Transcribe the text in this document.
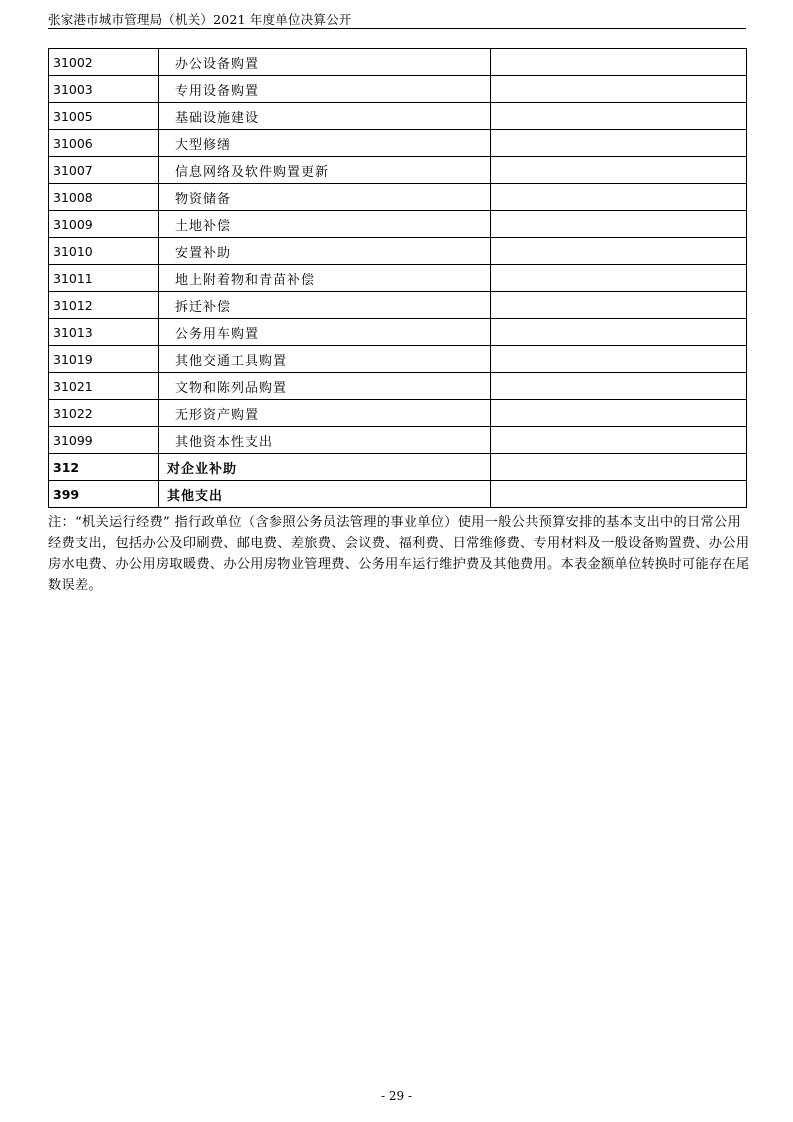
张家港市城市管理局（机关）2021 年度单位决算公开
31002	办公设备购置	
31003	专用设备购置	
31005	基础设施建设	
31006	大型修缮	
31007	信息网络及软件购置更新	
31008	物资储备	
31009	土地补偿	
31010	安置补助	
31011	地上附着物和青苗补偿	
31012	拆迁补偿	
31013	公务用车购置	
31019	其他交通工具购置	
31021	文物和陈列品购置	
31022	无形资产购置	
31099	其他资本性支出	
312	对企业补助	
399	其他支出	
注：“机关运行经费” 指行政单位（含参照公务员法管理的事业单位）使用一般公共预算安排的基本支出中的日常公用经费支出，包括办公及印刷费、邮电费、差旅费、会议费、福利费、日常维修费、专用材料及一般设备购置费、办公用房水电费、办公用房取暖费、办公用房物业管理费、公务用车运行维护费及其他费用。本表金额单位转换时可能存在尾数误差。
- 29 -
